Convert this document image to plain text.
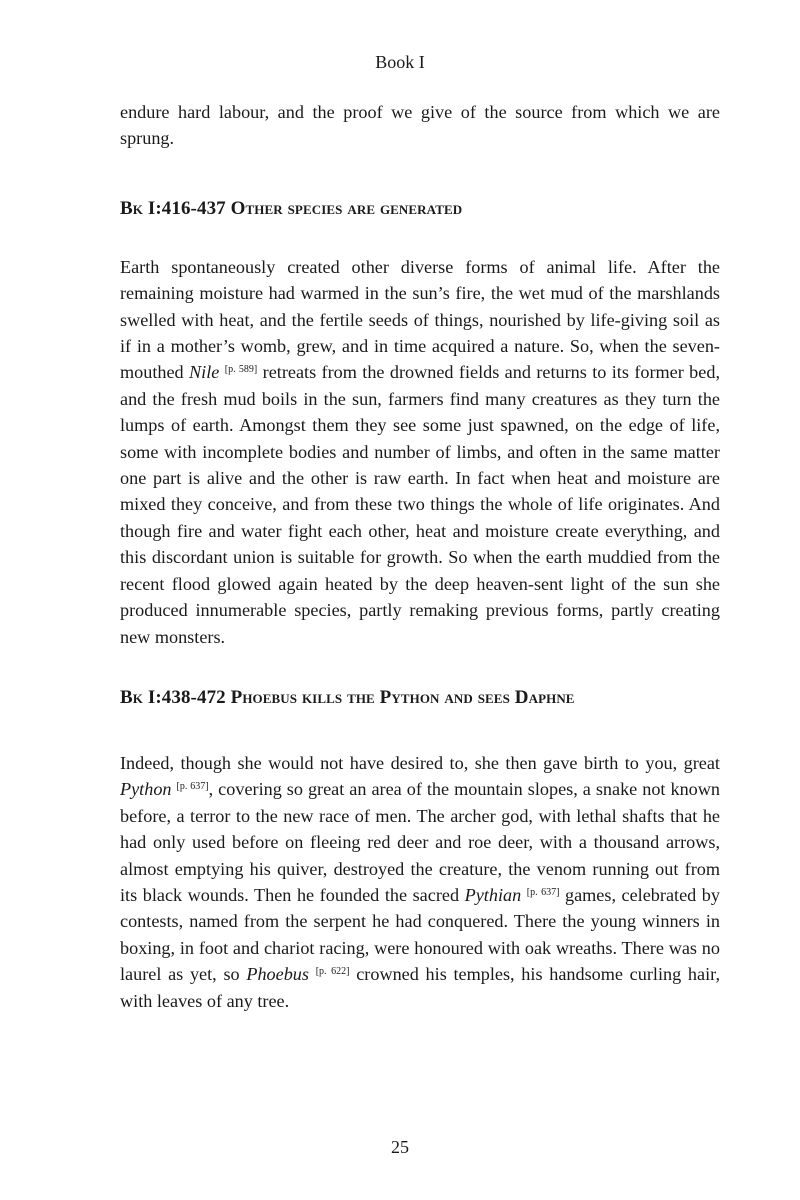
Book I

endure hard labour, and the proof we give of the source from which we are sprung.

Bk I:416-437 Other species are generated

Earth spontaneously created other diverse forms of animal life. After the remaining moisture had warmed in the sun’s fire, the wet mud of the marshlands swelled with heat, and the fertile seeds of things, nourished by life-giving soil as if in a mother’s womb, grew, and in time acquired a nature. So, when the seven-mouthed Nile [p. 589] retreats from the drowned fields and returns to its former bed, and the fresh mud boils in the sun, farmers find many creatures as they turn the lumps of earth. Amongst them they see some just spawned, on the edge of life, some with incomplete bodies and number of limbs, and often in the same matter one part is alive and the other is raw earth. In fact when heat and moisture are mixed they conceive, and from these two things the whole of life originates. And though fire and water fight each other, heat and moisture create everything, and this discordant union is suitable for growth. So when the earth muddied from the recent flood glowed again heated by the deep heaven-sent light of the sun she produced innumerable species, partly remaking previous forms, partly creating new monsters.

Bk I:438-472 Phoebus kills the Python and sees Daphne

Indeed, though she would not have desired to, she then gave birth to you, great Python [p. 637], covering so great an area of the mountain slopes, a snake not known before, a terror to the new race of men. The archer god, with lethal shafts that he had only used before on fleeing red deer and roe deer, with a thousand arrows, almost emptying his quiver, destroyed the creature, the venom running out from its black wounds. Then he founded the sacred Pythian [p. 637] games, celebrated by contests, named from the serpent he had conquered. There the young winners in boxing, in foot and chariot racing, were honoured with oak wreaths. There was no laurel as yet, so Phoebus [p. 622] crowned his temples, his handsome curling hair, with leaves of any tree.

25
